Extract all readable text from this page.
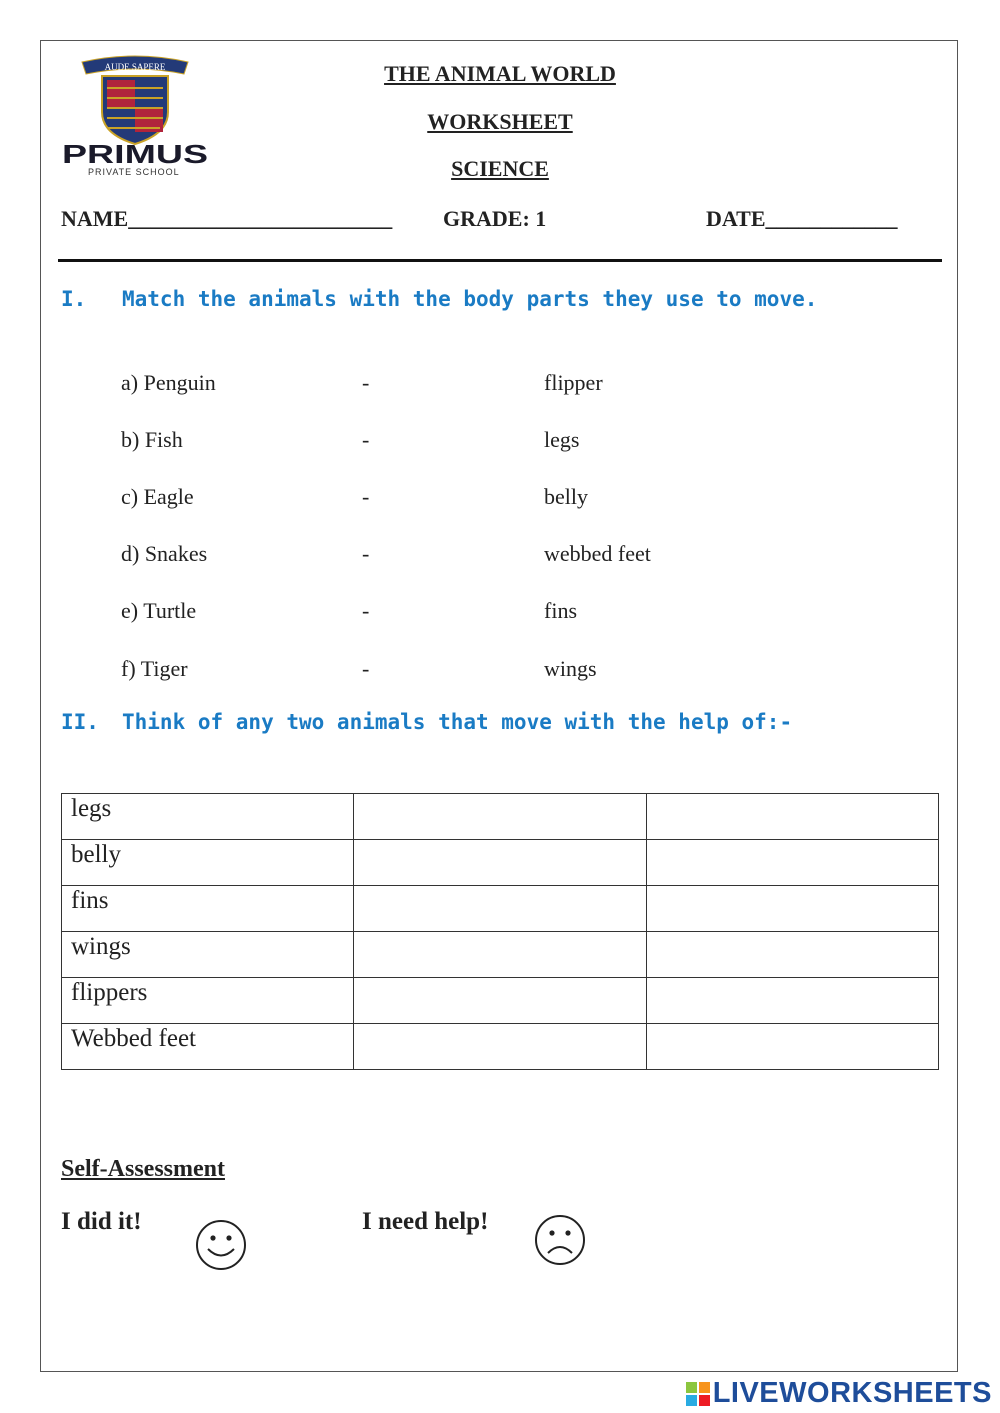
AUDE SAPERE
PRIMUS
PRIVATE SCHOOL
THE ANIMAL WORLD
WORKSHEET
SCIENCE
NAME________________________ GRADE: 1	DATE____________
I. Match the animals with the body parts they use to move.
a) Penguin	-	flipper
b) Fish	-	legs
c) Eagle	-	belly
d) Snakes	-	webbed feet
e) Turtle	-	fins
f) Tiger	-	wings
II. Think of any two animals that move with the help of:-
legs		
belly		
fins		
wings		
flippers		
Webbed feet		
Self-Assessment
I did it!	I need help!
LIVEWORKSHEETS
